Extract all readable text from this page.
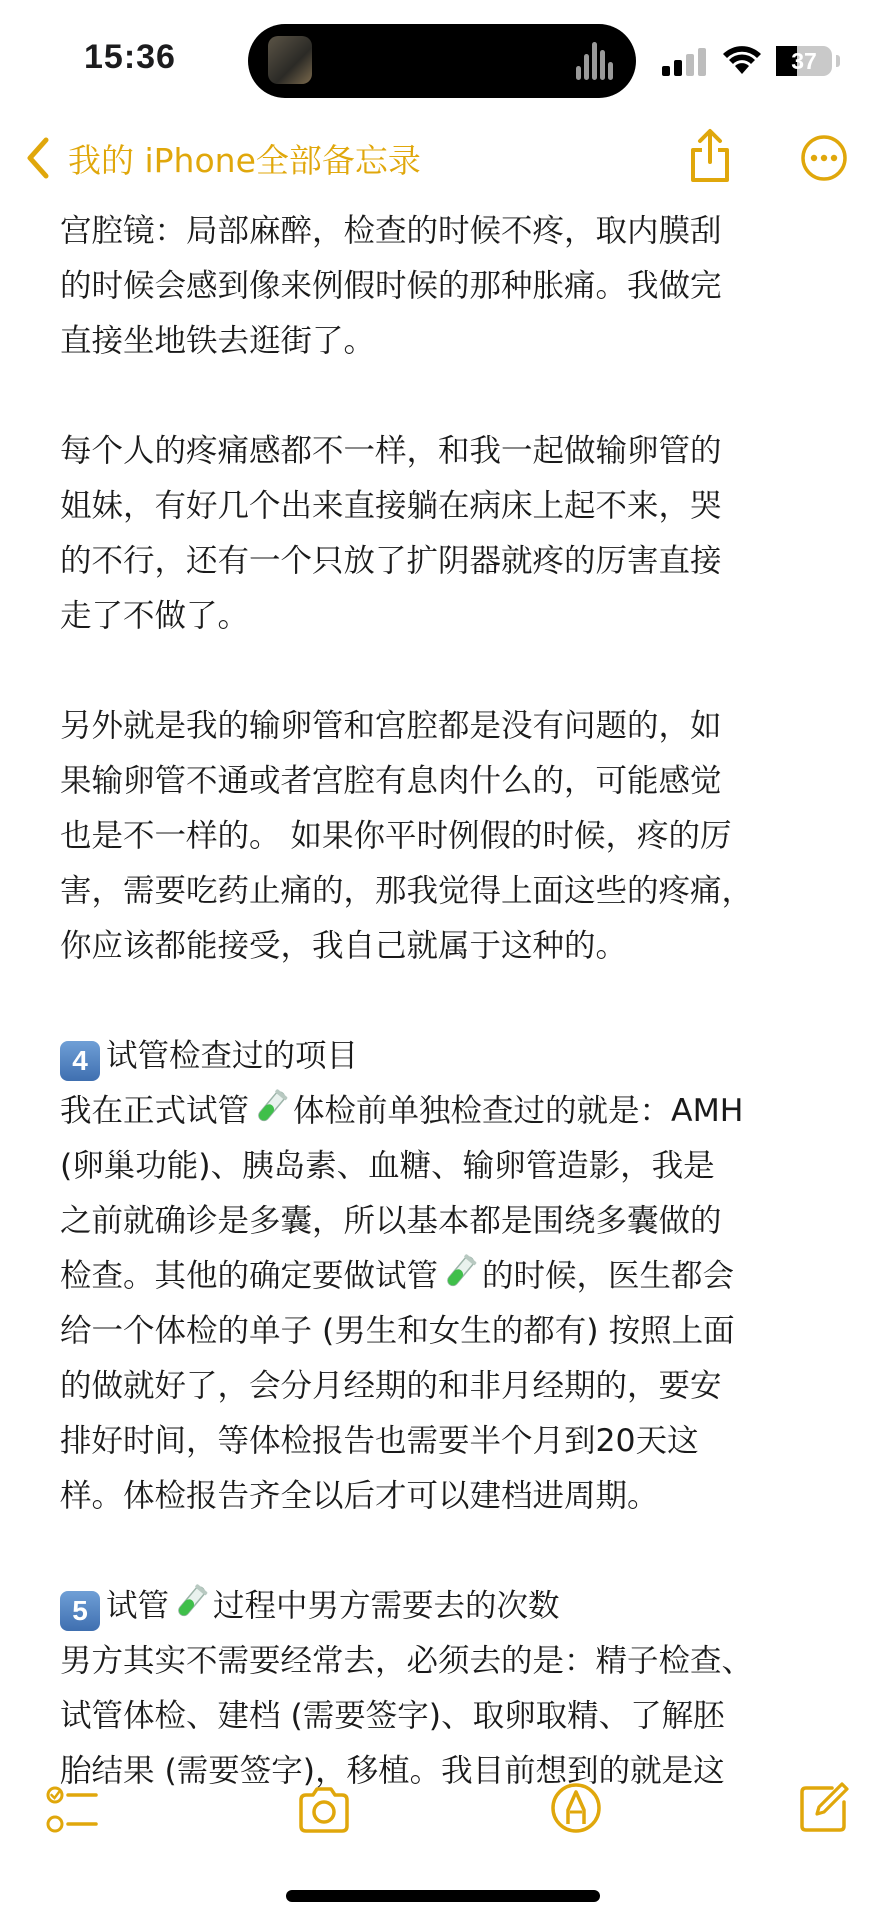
15:36	37
我的 iPhone全部备忘录
宫腔镜：局部麻醉，检查的时候不疼，取内膜刮
的时候会感到像来例假时候的那种胀痛。我做完
直接坐地铁去逛街了。
每个人的疼痛感都不一样，和我一起做输卵管的
姐妹，有好几个出来直接躺在病床上起不来，哭
的不行，还有一个只放了扩阴器就疼的厉害直接
走了不做了。
另外就是我的输卵管和宫腔都是没有问题的，如
果输卵管不通或者宫腔有息肉什么的，可能感觉
也是不一样的。 如果你平时例假的时候，疼的厉
害，需要吃药止痛的，那我觉得上面这些的疼痛，
你应该都能接受，我自己就属于这种的。
4 试管检查过的项目
我在正式试管 体检前单独检查过的就是：AMH
(卵巢功能)、胰岛素、血糖、输卵管造影，我是
之前就确诊是多囊，所以基本都是围绕多囊做的
检查。其他的确定要做试管 的时候，医生都会
给一个体检的单子 (男生和女生的都有) 按照上面
的做就好了，会分月经期的和非月经期的，要安
排好时间，等体检报告也需要半个月到20天这
样。体检报告齐全以后才可以建档进周期。
5 试管 过程中男方需要去的次数
男方其实不需要经常去，必须去的是：精子检查、
试管体检、建档 (需要签字)、取卵取精、了解胚
胎结果 (需要签字)，移植。我目前想到的就是这
